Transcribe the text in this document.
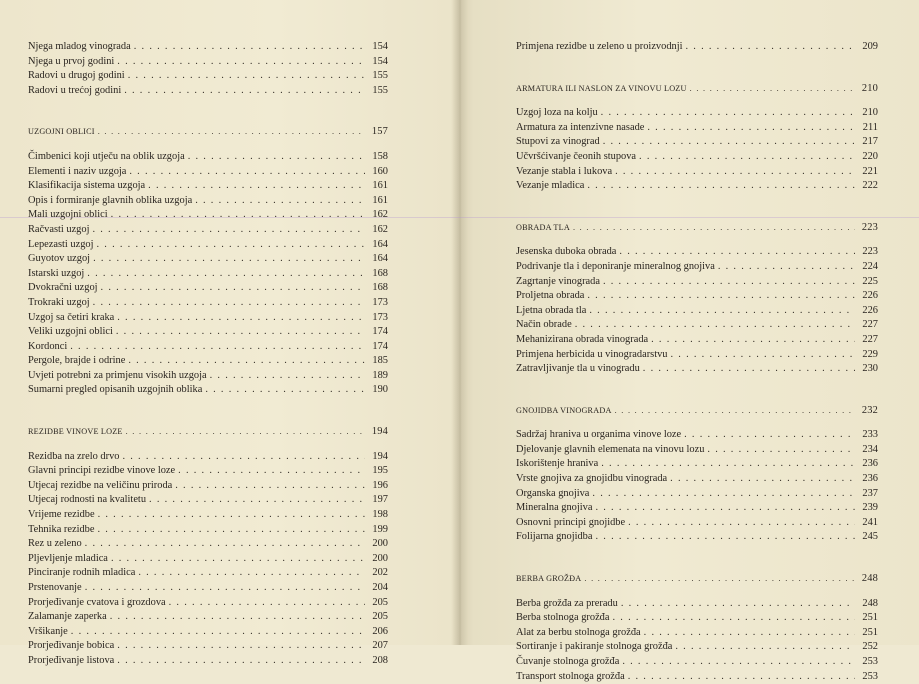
Njega mladog vinograda . . .	154
Njega u prvoj godini . . .	154
Radovi u drugoj godini . . .	155
Radovi u trećoj godini . . .	155
UZGOJNI OBLICI . . .	157
Čimbenici koji utječu na oblik uzgoja . . .	158
Elementi i naziv uzgoja . . .	160
Klasifikacija sistema uzgoja . . .	161
Opis i formiranje glavnih oblika uzgoja . . .	161
Mali uzgojni oblici . . .	162
Račvasti uzgoj . . .	162
Lepezasti uzgoj . . .	164
Guyotov uzgoj . . .	164
Istarski uzgoj . . .	168
Dvokračni uzgoj . . .	168
Trokraki uzgoj . . .	173
Uzgoj sa četiri kraka . . .	173
Veliki uzgojni oblici . . .	174
Kordonci . . .	174
Pergole, brajde i odrine . . .	185
Uvjeti potrebni za primjenu visokih uzgoja . . .	189
Sumarni pregled opisanih uzgojnih oblika . . .	190
REZIDBE VINOVE LOZE . . .	194
Rezidba na zrelo drvo . . .	194
Glavni principi rezidbe vinove loze . . .	195
Utjecaj rezidbe na veličinu priroda . . .	196
Utjecaj rodnosti na kvalitetu . . .	197
Vrijeme rezidbe . . .	198
Tehnika rezidbe . . .	199
Rez u zeleno . . .	200
Pljevljenje mladica . . .	200
Pinciranje rodnih mladica . . .	202
Prstenovanje . . .	204
Prorjeđivanje cvatova i grozdova . . .	205
Zalamanje zaperka . . .	205
Vršikanje . . .	206
Prorjeđivanje bobica . . .	207
Prorjeđivanje listova . . .	208
Primjena rezidbe u zeleno u proizvodnji . . .	209
ARMATURA ILI NASLON ZA VINOVU LOZU . . .	210
Uzgoj loza na kolju . . .	210
Armatura za intenzivne nasade . . .	211
Stupovi za vinograd . . .	217
Učvršćivanje čeonih stupova . . .	220
Vezanje stabla i lukova . . .	221
Vezanje mladica . . .	222
OBRADA TLA . . .	223
Jesenska duboka obrada . . .	223
Podrivanje tla i deponiranje mineralnog gnojiva . . .	224
Zagrtanje vinograda . . .	225
Proljetna obrada . . .	226
Ljetna obrada tla . . .	226
Način obrade . . .	227
Mehanizirana obrada vinograda . . .	227
Primjena herbicida u vinogradarstvu . . .	229
Zatravljivanje tla u vinogradu . . .	230
GNOJIDBA VINOGRADA . . .	232
Sadržaj hraniva u organima vinove loze . . .	233
Djelovanje glavnih elemenata na vinovu lozu . . .	234
Iskorištenje hraniva . . .	236
Vrste gnojiva za gnojidbu vinograda . . .	236
Organska gnojiva . . .	237
Mineralna gnojiva . . .	239
Osnovni principi gnojidbe . . .	241
Folijarna gnojidba . . .	245
BERBA GROŽĐA . . .	248
Berba grožđa za preradu . . .	248
Berba stolnoga grožđa . . .	251
Alat za berbu stolnoga grožđa . . .	251
Sortiranje i pakiranje stolnoga grožđa . . .	252
Čuvanje stolnoga grožđa . . .	253
Transport stolnoga grožđa . . .	253
